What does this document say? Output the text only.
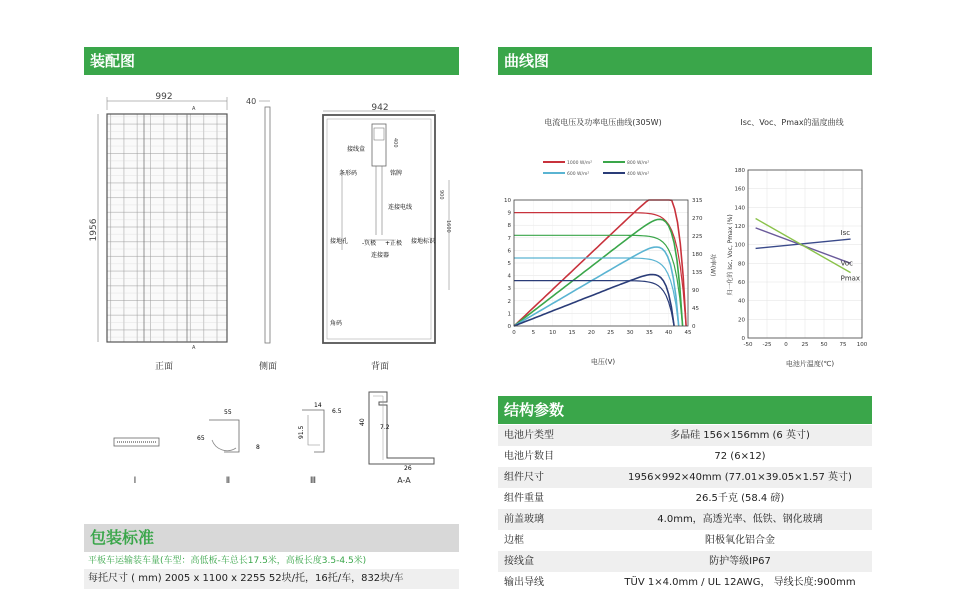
装配图	曲线图
结构参数
包装标准
992
A
1956
A
正面
40
侧面
942
400
900
1600
接线盒
条形码	铭牌
连接电线
接地孔 -负极 +正极
连接器
接地标识
角码
背面
Ⅰ
55
65
8
Ⅱ
14
6.5
91.5
Ⅲ
40
7.2
26
A-A
电流电压及功率电压曲线(305W)
1000 W/m²	800 W/m²
600 W/m²	400 W/m²
0
1
2
3
4
5
6
7
8
9
10
0
45
90
135
180
225
270
315
0	5	10 15 20 25 30 35 40 45
电压(V)
功率(W)
Isc、Voc、Pmax的温度曲线
Isc
Voc
Pmax
0
20
40
60
80
100
120
140
160
180
-50 -25 0	25 50 75 100
归一化的 Isc, Voc, Pmax (%)
电池片温度(℃)
电池片类型	多晶硅 156×156mm (6 英寸)
电池片数目	72 (6×12)
组件尺寸	1956×992×40mm (77.01×39.05×1.57 英寸)
组件重量	26.5千克 (58.4 磅)
前盖玻璃	4.0mm，高透光率、低铁、钢化玻璃
边框	阳极氧化铝合金
接线盒	防护等级IP67
输出导线	TÜV 1×4.0mm / UL 12AWG， 导线长度:900mm
平板车运输装车量(车型：高低板-车总长17.5米，高板长度3.5-4.5米)
每托尺寸 ( mm) 2005 x 1100 x 2255 52块/托，16托/车，832块/车
